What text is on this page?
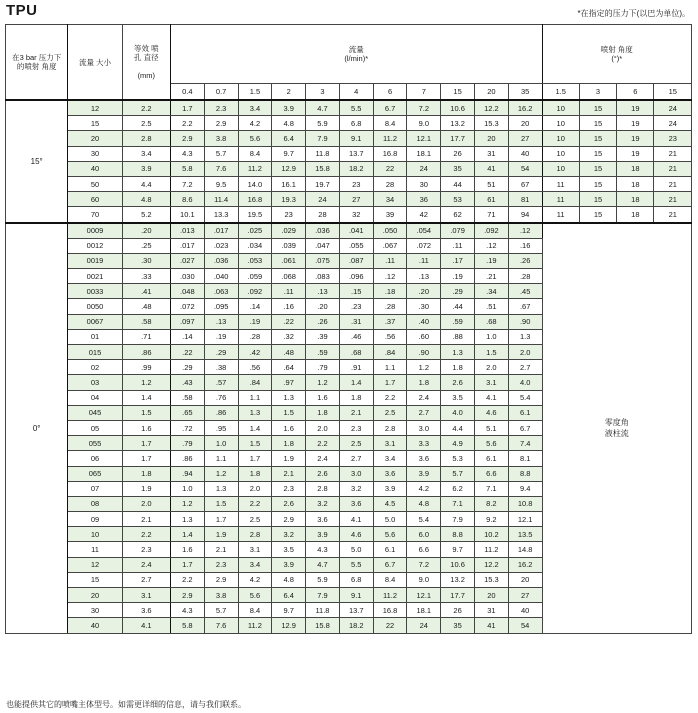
TPU	*在指定的压力下(以巴为单位)。
在3 bar 压力下 的喷射 角度	流量 大小	等效 喷孔 直径

(mm)	流量
(l/min)*											喷射 角度
(°)*			
			0.4	0.7	1.5	2	3	4	6	7	15	20	35	1.5	3	6	15
15°	12	2.2	1.7	2.3	3.4	3.9	4.7	5.5	6.7	7.2	10.6	12.2	16.2	10	15	19	24
	15	2.5	2.2	2.9	4.2	4.8	5.9	6.8	8.4	9.0	13.2	15.3	20	10	15	19	24
	20	2.8	2.9	3.8	5.6	6.4	7.9	9.1	11.2	12.1	17.7	20	27	10	15	19	23
	30	3.4	4.3	5.7	8.4	9.7	11.8	13.7	16.8	18.1	26	31	40	10	15	19	21
	40	3.9	5.8	7.6	11.2	12.9	15.8	18.2	22	24	35	41	54	10	15	18	21
	50	4.4	7.2	9.5	14.0	16.1	19.7	23	28	30	44	51	67	11	15	18	21
	60	4.8	8.6	11.4	16.8	19.3	24	27	34	36	53	61	81	11	15	18	21
	70	5.2	10.1	13.3	19.5	23	28	32	39	42	62	71	94	11	15	18	21
0°	0009	.20	.013	.017	.025	.029	.036	.041	.050	.054	.079	.092	.12	零度角
液柱流			
	0012	.25	.017	.023	.034	.039	.047	.055	.067	.072	.11	.12	.16				
	0019	.30	.027	.036	.053	.061	.075	.087	.11	.11	.17	.19	.26				
	0021	.33	.030	.040	.059	.068	.083	.096	.12	.13	.19	.21	.28				
	0033	.41	.048	.063	.092	.11	.13	.15	.18	.20	.29	.34	.45				
	0050	.48	.072	.095	.14	.16	.20	.23	.28	.30	.44	.51	.67				
	0067	.58	.097	.13	.19	.22	.26	.31	.37	.40	.59	.68	.90				
	01	.71	.14	.19	.28	.32	.39	.46	.56	.60	.88	1.0	1.3				
	015	.86	.22	.29	.42	.48	.59	.68	.84	.90	1.3	1.5	2.0				
	02	.99	.29	.38	.56	.64	.79	.91	1.1	1.2	1.8	2.0	2.7				
	03	1.2	.43	.57	.84	.97	1.2	1.4	1.7	1.8	2.6	3.1	4.0				
	04	1.4	.58	.76	1.1	1.3	1.6	1.8	2.2	2.4	3.5	4.1	5.4				
	045	1.5	.65	.86	1.3	1.5	1.8	2.1	2.5	2.7	4.0	4.6	6.1				
	05	1.6	.72	.95	1.4	1.6	2.0	2.3	2.8	3.0	4.4	5.1	6.7				
	055	1.7	.79	1.0	1.5	1.8	2.2	2.5	3.1	3.3	4.9	5.6	7.4				
	06	1.7	.86	1.1	1.7	1.9	2.4	2.7	3.4	3.6	5.3	6.1	8.1				
	065	1.8	.94	1.2	1.8	2.1	2.6	3.0	3.6	3.9	5.7	6.6	8.8				
	07	1.9	1.0	1.3	2.0	2.3	2.8	3.2	3.9	4.2	6.2	7.1	9.4				
	08	2.0	1.2	1.5	2.2	2.6	3.2	3.6	4.5	4.8	7.1	8.2	10.8				
	09	2.1	1.3	1.7	2.5	2.9	3.6	4.1	5.0	5.4	7.9	9.2	12.1				
	10	2.2	1.4	1.9	2.8	3.2	3.9	4.6	5.6	6.0	8.8	10.2	13.5				
	11	2.3	1.6	2.1	3.1	3.5	4.3	5.0	6.1	6.6	9.7	11.2	14.8				
	12	2.4	1.7	2.3	3.4	3.9	4.7	5.5	6.7	7.2	10.6	12.2	16.2				
	15	2.7	2.2	2.9	4.2	4.8	5.9	6.8	8.4	9.0	13.2	15.3	20				
	20	3.1	2.9	3.8	5.6	6.4	7.9	9.1	11.2	12.1	17.7	20	27				
	30	3.6	4.3	5.7	8.4	9.7	11.8	13.7	16.8	18.1	26	31	40				
	40	4.1	5.8	7.6	11.2	12.9	15.8	18.2	22	24	35	41	54				
也能提供其它的喷嘴主体型号。如需更详细的信息，请与我们联系。
